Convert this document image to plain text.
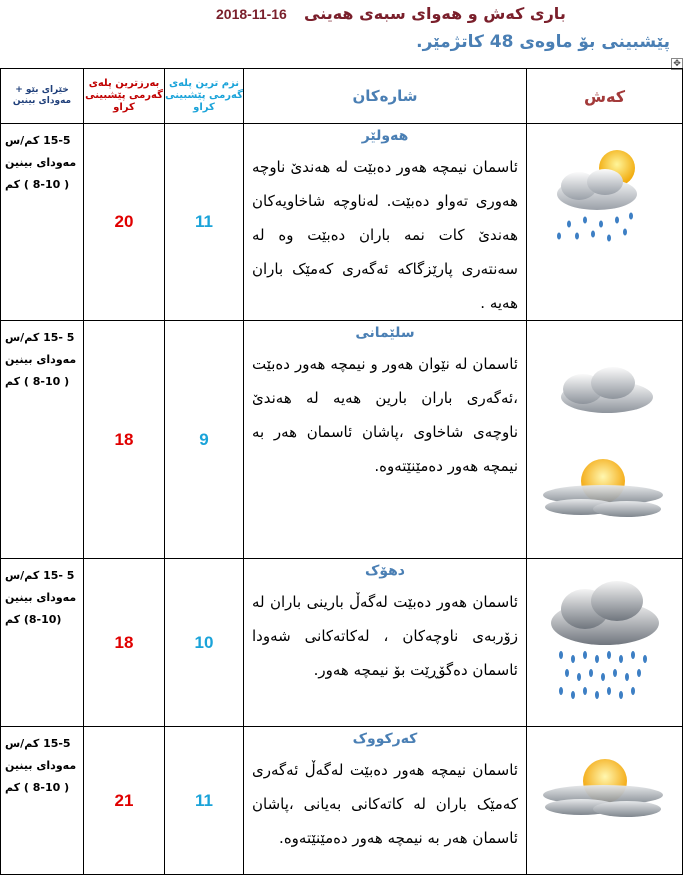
2018-11-16 باری کەش و هەوای سبەی هەینی
پێشبینی بۆ ماوەی 48 کاتژمێر.
✥
خێرای بێو + مەودای بینین	بەرزترین پلەی گەرمی پێشبینی کراو	نزم ترین پلەی گەرمی پێشبینی کراو	شارەکان	کەش

15-5 کم/س
مەودای بینین
( 8-10 ) کم	20	11	هەولێر
ئاسمان نیمچە هەور دەبێت لە هەندێ ناوچە هەوری تەواو دەبێت. لەناوچە شاخاویەکان هەندێ کات نمە باران دەبێت وە لە سەنتەری پارێزگاکە ئەگەری کەمێک باران هەیە .

5 -15 کم/س
مەودای بینین
( 8-10 ) کم	18	9	سلێمانی
ئاسمان لە نێوان هەور و نیمچە هەور دەبێت ،ئەگەری باران بارین هەیە لە هەندێ ناوچەی شاخاوی ،پاشان ئاسمان هەر بە نیمچە هەور دەمێنێتەوە.

5 -15 کم/س
مەودای بینین
(8-10) کم	18	10	دهۆک
ئاسمان هەور دەبێت لەگەڵ بارینی باران لە زۆربەی ناوچەکان ، لەکاتەکانی شەودا ئاسمان دەگۆڕێت بۆ نیمچە هەور.

15-5 کم/س
مەودای بینین
( 8-10 ) کم	21	11	کەرکووک
ئاسمان نیمچە هەور دەبێت لەگەڵ ئەگەری کەمێک باران لە کاتەکانی بەیانی ،پاشان ئاسمان هەر بە نیمچە هەور دەمێنێتەوە.
